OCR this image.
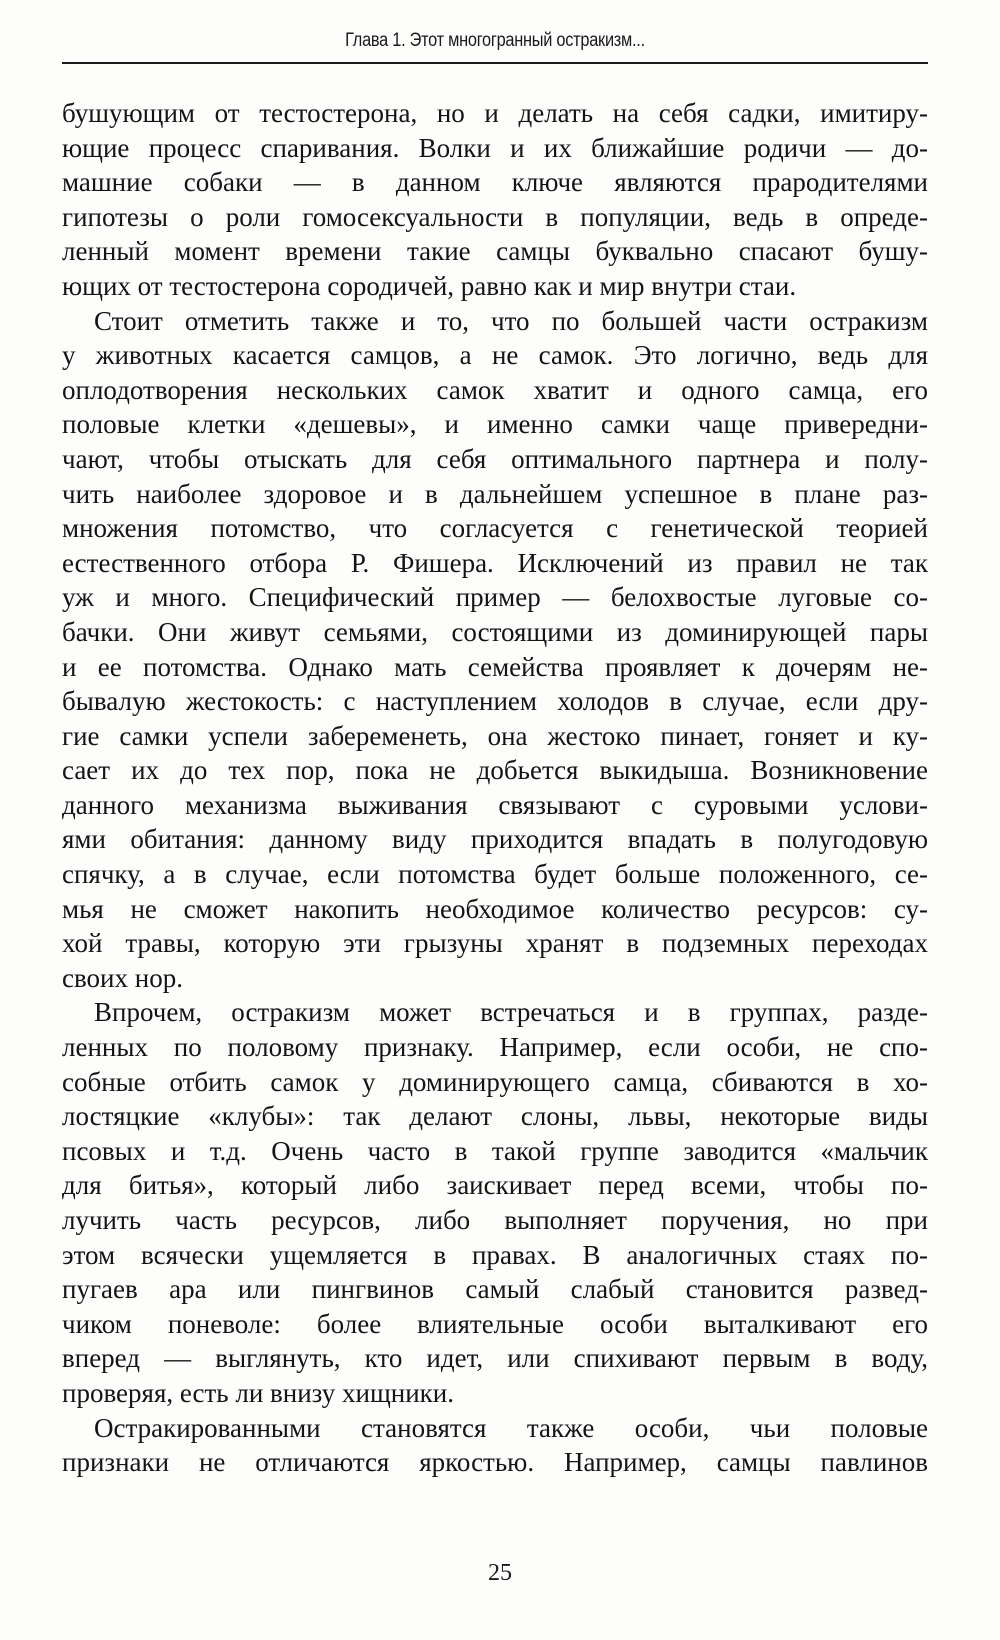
Глава 1. Этот многогранный остракизм...
бушующим от тестостерона, но и делать на себя садки, имитиру-
ющие процесс спаривания. Волки и их ближайшие родичи — до-
машние собаки — в данном ключе являются прародителями
гипотезы о роли гомосексуальности в популяции, ведь в опреде-
ленный момент времени такие самцы буквально спасают бушу-
ющих от тестостерона сородичей, равно как и мир внутри стаи.
Стоит отметить также и то, что по большей части остракизм
у животных касается самцов, а не самок. Это логично, ведь для
оплодотворения нескольких самок хватит и одного самца, его
половые клетки «дешевы», и именно самки чаще привередни-
чают, чтобы отыскать для себя оптимального партнера и полу-
чить наиболее здоровое и в дальнейшем успешное в плане раз-
множения потомство, что согласуется с генетической теорией
естественного отбора Р. Фишера. Исключений из правил не так
уж и много. Специфический пример — белохвостые луговые со-
бачки. Они живут семьями, состоящими из доминирующей пары
и ее потомства. Однако мать семейства проявляет к дочерям не-
бывалую жестокость: с наступлением холодов в случае, если дру-
гие самки успели забеременеть, она жестоко пинает, гоняет и ку-
сает их до тех пор, пока не добьется выкидыша. Возникновение
данного механизма выживания связывают с суровыми услови-
ями обитания: данному виду приходится впадать в полугодовую
спячку, а в случае, если потомства будет больше положенного, се-
мья не сможет накопить необходимое количество ресурсов: су-
хой травы, которую эти грызуны хранят в подземных переходах
своих нор.
Впрочем, остракизм может встречаться и в группах, разде-
ленных по половому признаку. Например, если особи, не спо-
собные отбить самок у доминирующего самца, сбиваются в хо-
лостяцкие «клубы»: так делают слоны, львы, некоторые виды
псовых и т.д. Очень часто в такой группе заводится «мальчик
для битья», который либо заискивает перед всеми, чтобы по-
лучить часть ресурсов, либо выполняет поручения, но при
этом всячески ущемляется в правах. В аналогичных стаях по-
пугаев ара или пингвинов самый слабый становится развед-
чиком поневоле: более влиятельные особи выталкивают его
вперед — выглянуть, кто идет, или спихивают первым в воду,
проверяя, есть ли внизу хищники.
Остракированными становятся также особи, чьи половые
признаки не отличаются яркостью. Например, самцы павлинов
25
